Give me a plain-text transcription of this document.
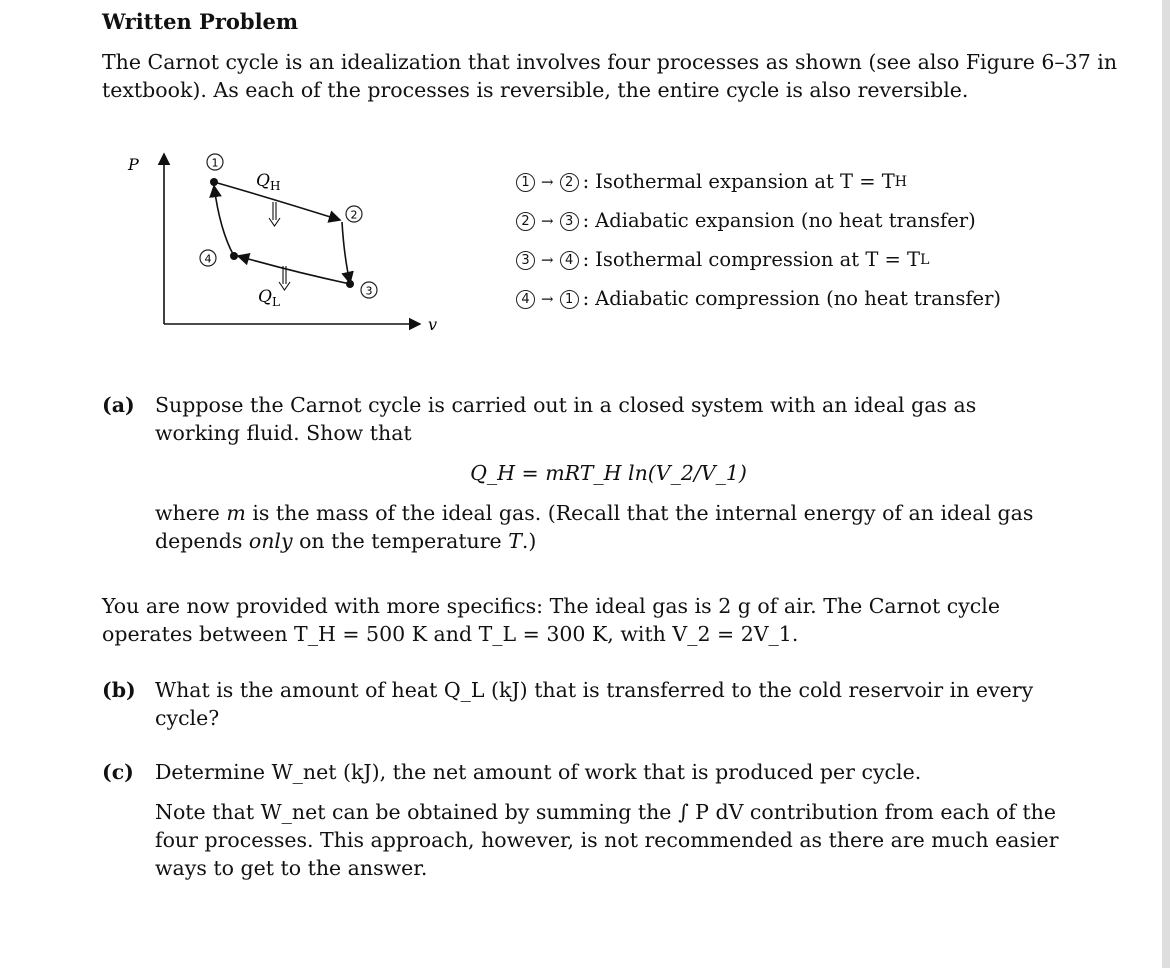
Written Problem

The Carnot cycle is an idealization that involves four processes as shown (see also Figure 6–37 in textbook). As each of the processes is reversible, the entire cycle is also reversible.

P
v
1
2
3
4
$Q_H$
$Q_L$
1 → 2 : Isothermal expansion at T = T H
2 → 3 : Adiabatic expansion (no heat transfer)
3 → 4 : Isothermal compression at T = T L
4 → 1 : Adiabatic compression (no heat transfer)
(a) Suppose the Carnot cycle is carried out in a closed system with an ideal gas as working fluid. Show that
Q_H = mRT_H ln(V_2/V_1)
where m is the mass of the ideal gas. (Recall that the internal energy of an ideal gas depends only on the temperature T.)
You are now provided with more specifics: The ideal gas is 2 g of air. The Carnot cycle operates between T_H = 500 K and T_L = 300 K, with V_2 = 2V_1.
(b) What is the amount of heat Q_L (kJ) that is transferred to the cold reservoir in every cycle?
(c) Determine W_net (kJ), the net amount of work that is produced per cycle.
Note that W_net can be obtained by summing the ∫ P dV contribution from each of the four processes. This approach, however, is not recommended as there are much easier ways to get to the answer.
